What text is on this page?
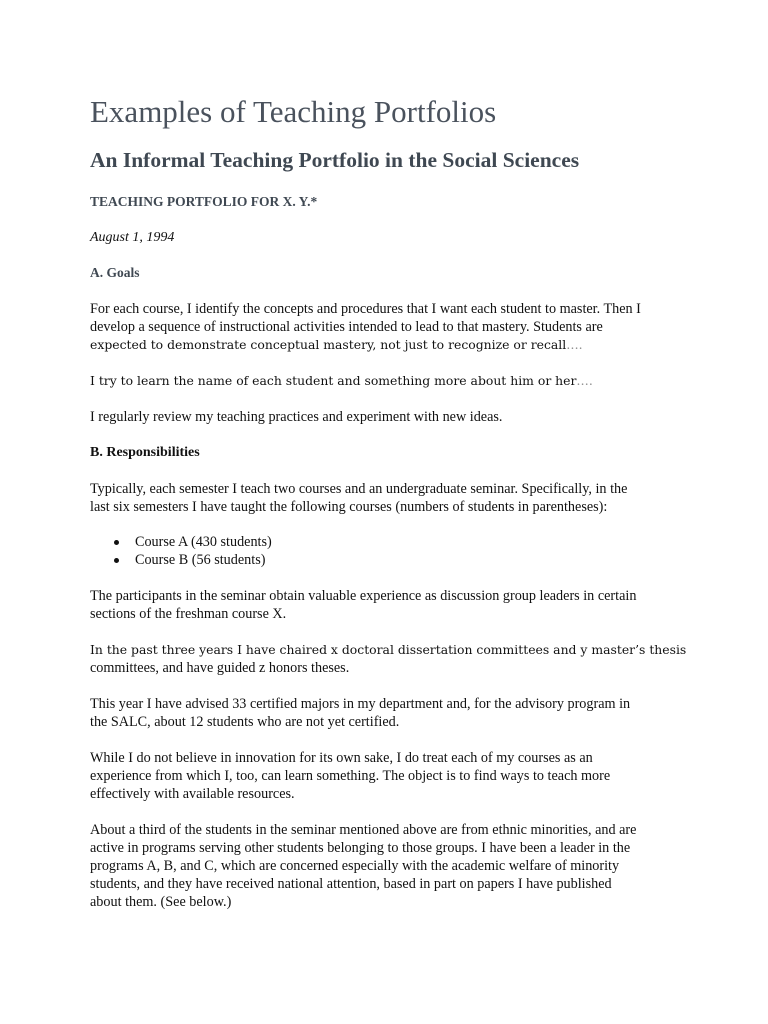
Examples of Teaching Portfolios
An Informal Teaching Portfolio in the Social Sciences
TEACHING PORTFOLIO FOR X. Y.*

August 1, 1994

A. Goals

For each course, I identify the concepts and procedures that I want each student to master. Then I
develop a sequence of instructional activities intended to lead to that mastery. Students are
expected to demonstrate conceptual mastery, not just to recognize or recall….

I try to learn the name of each student and something more about him or her….

I regularly review my teaching practices and experiment with new ideas.

B. Responsibilities

Typically, each semester I teach two courses and an undergraduate seminar. Specifically, in the
last six semesters I have taught the following courses (numbers of students in parentheses):

Course A (430 students)
Course B (56 students)

The participants in the seminar obtain valuable experience as discussion group leaders in certain
sections of the freshman course X.

In the past three years I have chaired x doctoral dissertation committees and y master’s thesis
committees, and have guided z honors theses.

This year I have advised 33 certified majors in my department and, for the advisory program in
the SALC, about 12 students who are not yet certified.

While I do not believe in innovation for its own sake, I do treat each of my courses as an
experience from which I, too, can learn something. The object is to find ways to teach more
effectively with available resources.

About a third of the students in the seminar mentioned above are from ethnic minorities, and are
active in programs serving other students belonging to those groups. I have been a leader in the
programs A, B, and C, which are concerned especially with the academic welfare of minority
students, and they have received national attention, based in part on papers I have published
about them. (See below.)
